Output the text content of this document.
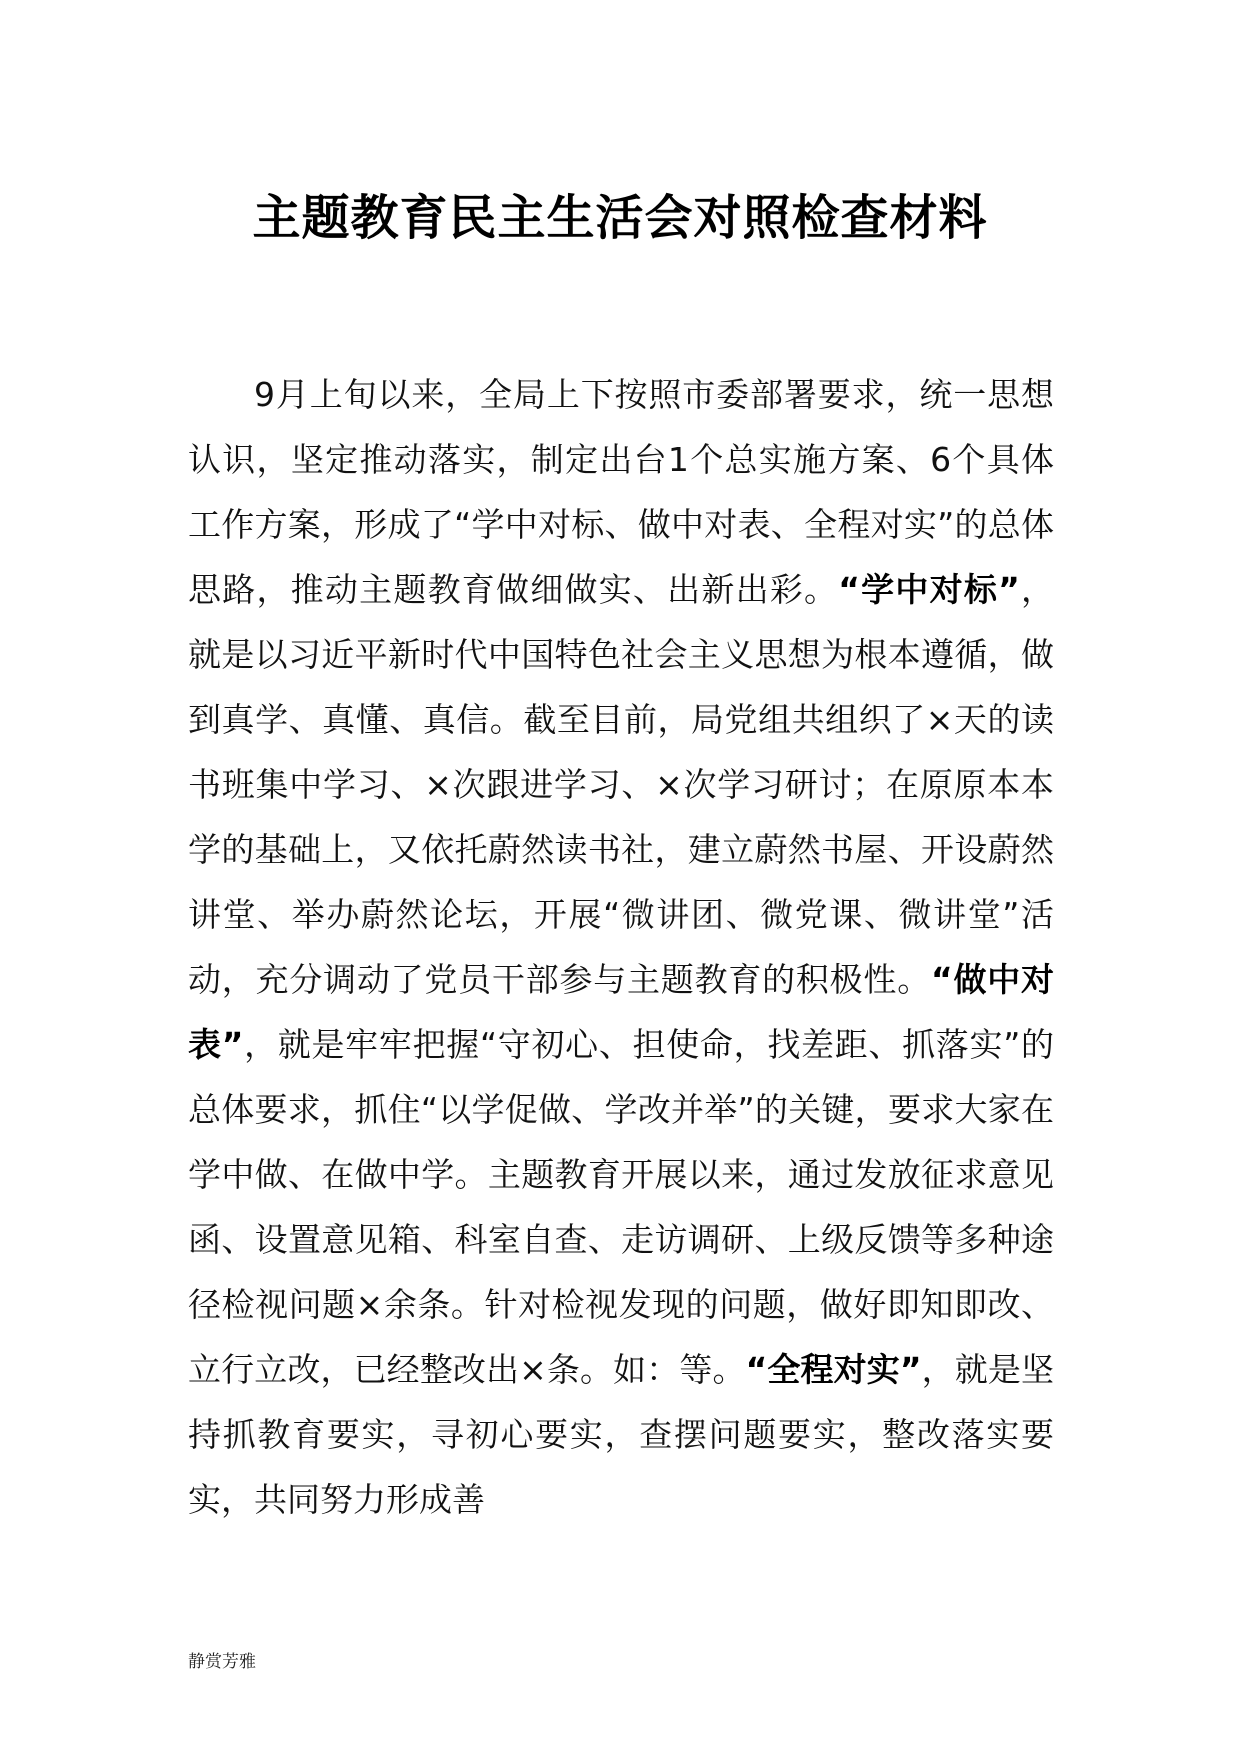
主题教育民主生活会对照检查材料

9月上旬以来，全局上下按照市委部署要求，统一思想认识，坚定推动落实，制定出台1个总实施方案、6个具体工作方案，形成了“学中对标、做中对表、全程对实”的总体思路，推动主题教育做细做实、出新出彩。“学中对标”，就是以习近平新时代中国特色社会主义思想为根本遵循，做到真学、真懂、真信。截至目前，局党组共组织了×天的读书班集中学习、×次跟进学习、×次学习研讨；在原原本本学的基础上，又依托蔚然读书社，建立蔚然书屋、开设蔚然讲堂、举办蔚然论坛，开展“微讲团、微党课、微讲堂”活动，充分调动了党员干部参与主题教育的积极性。“做中对表”，就是牢牢把握“守初心、担使命，找差距、抓落实”的总体要求，抓住“以学促做、学改并举”的关键，要求大家在学中做、在做中学。主题教育开展以来，通过发放征求意见函、设置意见箱、科室自查、走访调研、上级反馈等多种途径检视问题×余条。针对检视发现的问题，做好即知即改、立行立改，已经整改出×条。如：等。“全程对实”，就是坚持抓教育要实，寻初心要实，查摆问题要实，整改落实要实，共同努力形成善

静赏芳雅
